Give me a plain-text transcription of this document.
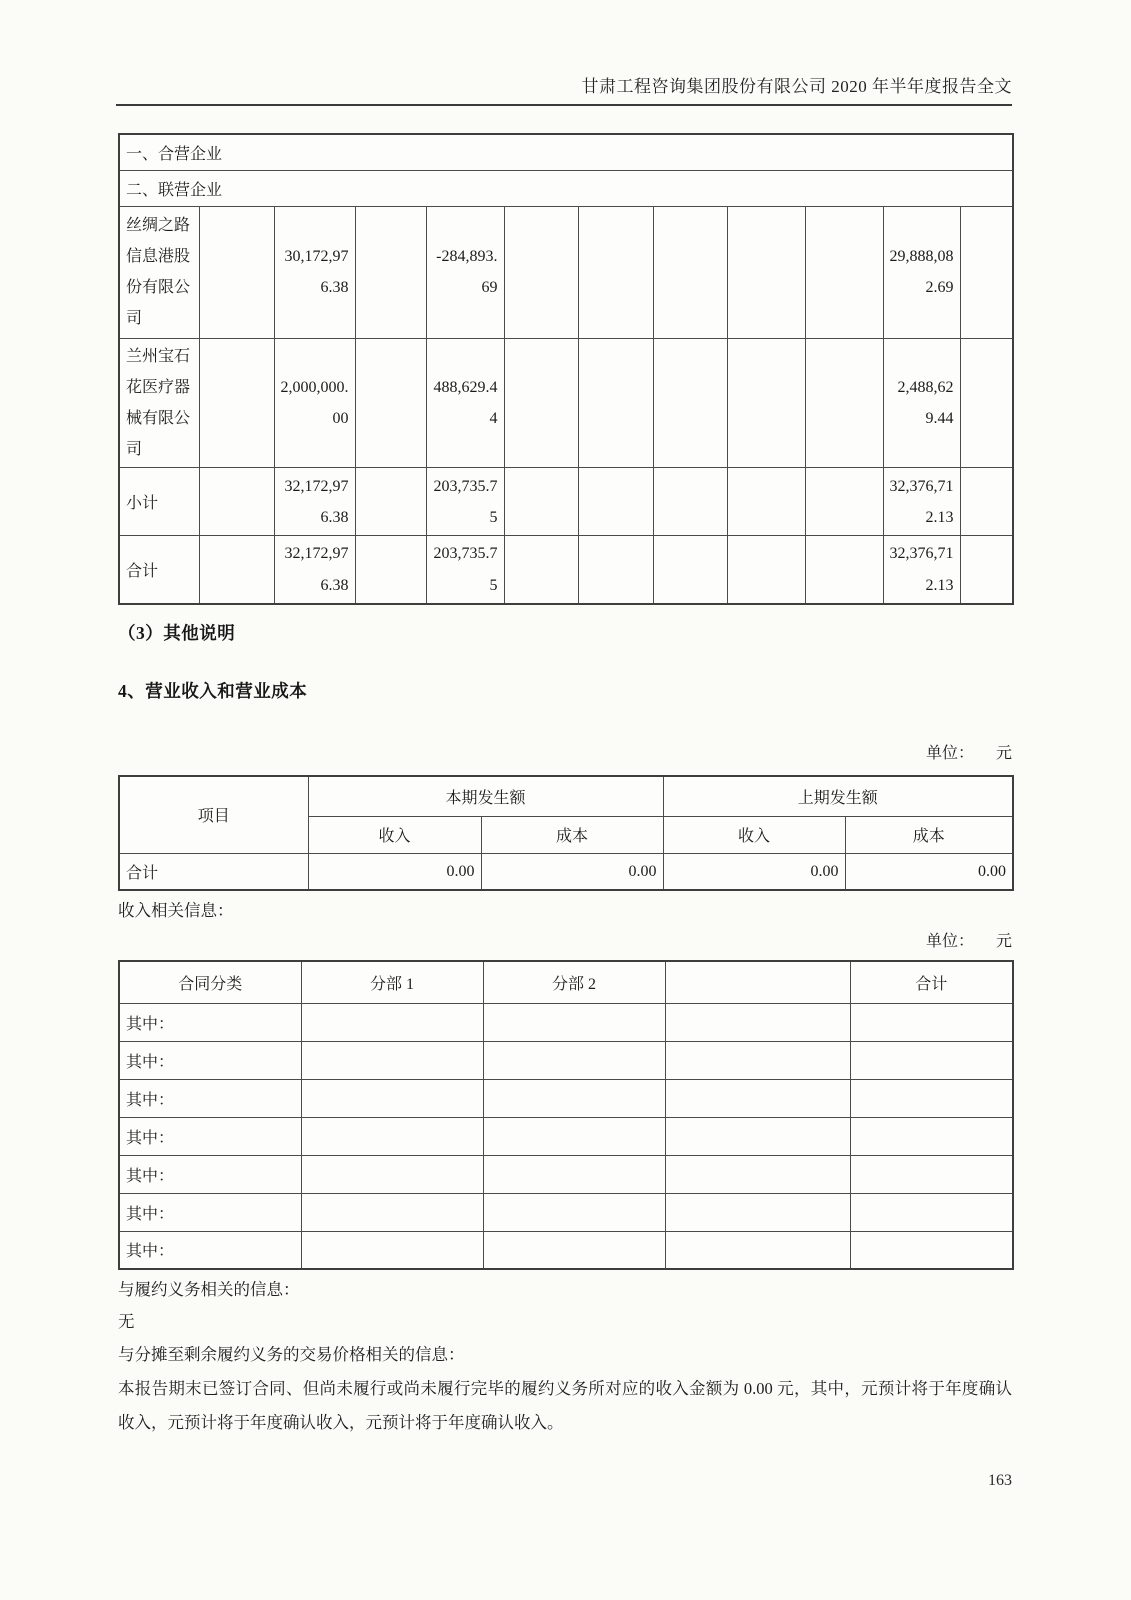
甘肃工程咨询集团股份有限公司 2020 年半年度报告全文
一、合营企业											
二、联营企业											
丝绸之路信息港股份有限公司		30,172,976.38		-284,893.69						29,888,082.69	
兰州宝石花医疗器械有限公司		2,000,000.00		488,629.44						2,488,629.44	
小计		32,172,976.38		203,735.75						32,376,712.13	
合计		32,172,976.38		203,735.75						32,376,712.13	
（3）其他说明
4、营业收入和营业成本
单位： 元
项目	本期发生额		上期发生额	
	收入	成本	收入	成本
合计	0.00	0.00	0.00	0.00
收入相关信息：
单位： 元
合同分类	分部 1	分部 2		合计
其中：				
其中：				
其中：				
其中：				
其中：				
其中：				
其中：				
与履约义务相关的信息：
无
与分摊至剩余履约义务的交易价格相关的信息：
本报告期末已签订合同、但尚未履行或尚未履行完毕的履约义务所对应的收入金额为 0.00 元，其中，元预计将于年度确认收入，元预计将于年度确认收入，元预计将于年度确认收入。
163
